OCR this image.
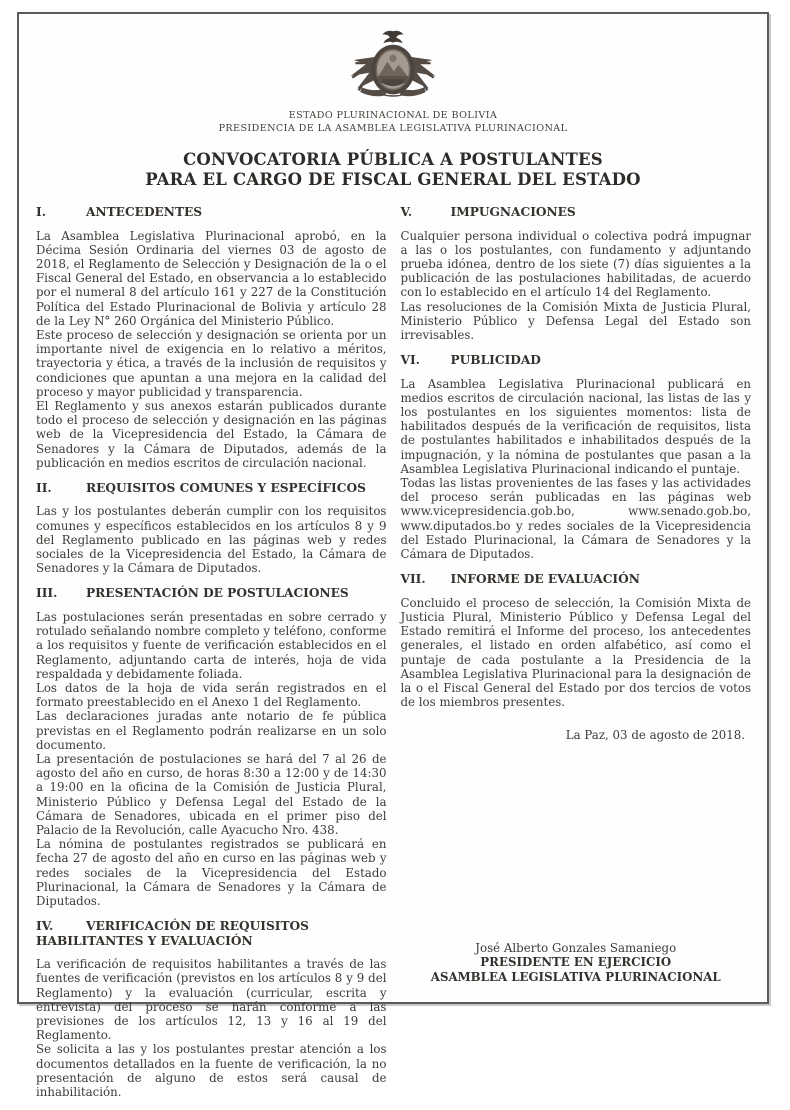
ESTADO PLURINACIONAL DE BOLIVIA
PRESIDENCIA DE LA ASAMBLEA LEGISLATIVA PLURINACIONAL
CONVOCATORIA PÚBLICA A POSTULANTES
PARA EL CARGO DE FISCAL GENERAL DEL ESTADO
I.	ANTECEDENTES

La Asamblea Legislativa Plurinacional aprobó, en la Décima Sesión Ordinaria del viernes 03 de agosto de 2018, el Reglamento de Selección y Designación de la o el Fiscal General del Estado, en observancia a lo establecido por el numeral 8 del artículo 161 y 227 de la Constitución Política del Estado Plurinacional de Bolivia y artículo 28 de la Ley N° 260 Orgánica del Ministerio Público.

Este proceso de selección y designación se orienta por un importante nivel de exigencia en lo relativo a méritos, trayectoria y ética, a través de la inclusión de requisitos y condiciones que apuntan a una mejora en la calidad del proceso y mayor publicidad y transparencia.

El Reglamento y sus anexos estarán publicados durante todo el proceso de selección y designación en las páginas web de la Vicepresidencia del Estado, la Cámara de Senadores y la Cámara de Diputados, además de la publicación en medios escritos de circulación nacional.

II.	REQUISITOS COMUNES Y ESPECÍFICOS

Las y los postulantes deberán cumplir con los requisitos comunes y específicos establecidos en los artículos 8 y 9 del Reglamento publicado en las páginas web y redes sociales de la Vicepresidencia del Estado, la Cámara de Senadores y la Cámara de Diputados.

III. PRESENTACIÓN DE POSTULACIONES

Las postulaciones serán presentadas en sobre cerrado y rotulado señalando nombre completo y teléfono, conforme a los requisitos y fuente de verificación establecidos en el Reglamento, adjuntando carta de interés, hoja de vida respaldada y debidamente foliada.

Los datos de la hoja de vida serán registrados en el formato preestablecido en el Anexo 1 del Reglamento.

Las declaraciones juradas ante notario de fe pública previstas en el Reglamento podrán realizarse en un solo documento.

La presentación de postulaciones se hará del 7 al 26 de agosto del año en curso, de horas 8:30 a 12:00 y de 14:30 a 19:00 en la oficina de la Comisión de Justicia Plural, Ministerio Público y Defensa Legal del Estado de la Cámara de Senadores, ubicada en el primer piso del Palacio de la Revolución, calle Ayacucho Nro. 438.

La nómina de postulantes registrados se publicará en fecha 27 de agosto del año en curso en las páginas web y redes sociales de la Vicepresidencia del Estado Plurinacional, la Cámara de Senadores y la Cámara de Diputados.

IV.	VERIFICACIÓN DE REQUISITOS HABILITANTES Y EVALUACIÓN

La verificación de requisitos habilitantes a través de las fuentes de verificación (previstos en los artículos 8 y 9 del Reglamento) y la evaluación (curricular, escrita y entrevista) del proceso se harán conforme a las previsiones de los artículos 12, 13 y 16 al 19 del Reglamento.

Se solicita a las y los postulantes prestar atención a los documentos detallados en la fuente de verificación, la no presentación de alguno de estos será causal de inhabilitación.

V.	IMPUGNACIONES

Cualquier persona individual o colectiva podrá impugnar a las o los postulantes, con fundamento y adjuntando prueba idónea, dentro de los siete (7) días siguientes a la publicación de las postulaciones habilitadas, de acuerdo con lo establecido en el artículo 14 del Reglamento.

Las resoluciones de la Comisión Mixta de Justicia Plural, Ministerio Público y Defensa Legal del Estado son irrevisables.

VI.	PUBLICIDAD

La Asamblea Legislativa Plurinacional publicará en medios escritos de circulación nacional, las listas de las y los postulantes en los siguientes momentos: lista de habilitados después de la verificación de requisitos, lista de postulantes habilitados e inhabilitados después de la impugnación, y la nómina de postulantes que pasan a la Asamblea Legislativa Plurinacional indicando el puntaje.

Todas las listas provenientes de las fases y las actividades del proceso serán publicadas en las páginas web www.vicepresidencia.gob.bo, www.senado.gob.bo, www.diputados.bo y redes sociales de la Vicepresidencia del Estado Plurinacional, la Cámara de Senadores y la Cámara de Diputados.

VII. INFORME DE EVALUACIÓN

Concluido el proceso de selección, la Comisión Mixta de Justicia Plural, Ministerio Público y Defensa Legal del Estado remitirá el Informe del proceso, los antecedentes generales, el listado en orden alfabético, así como el puntaje de cada postulante a la Presidencia de la Asamblea Legislativa Plurinacional para la designación de la o el Fiscal General del Estado por dos tercios de votos de los miembros presentes.

La Paz, 03 de agosto de 2018.
José Alberto Gonzales Samaniego
PRESIDENTE EN EJERCICIO
ASAMBLEA LEGISLATIVA PLURINACIONAL
